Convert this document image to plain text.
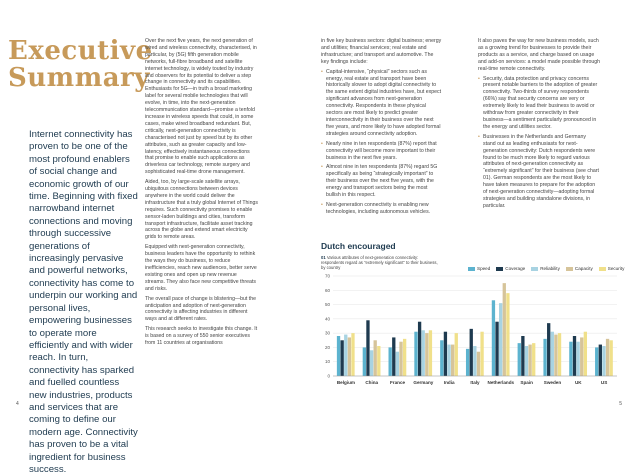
Executive
Summary
Internet connectivity has proven to be one of the most profound enablers of social change and economic growth of our time. Beginning with fixed narrowband internet connections and moving through successive generations of increasingly pervasive and powerful networks, connectivity has come to underpin our working and personal lives, empowering businesses to operate more efficiently and with wider reach. In turn, connectivity has sparked and fuelled countless new industries, products and services that are coming to define our modern age. Connectivity has proven to be a vital ingredient for business success.

Over the next five years, the next generation of wired and wireless connectivity, characterised, in particular, by (5G) fifth generation mobile networks, full-fibre broadband and satellite internet technology, is widely touted by industry and observers for its potential to deliver a step change in connectivity and its capabilities. Enthusiasts for 5G—in truth a broad marketing label for several mobile technologies that will evolve, in time, into the next-generation telecommunication standard—promise a tenfold increase in wireless speeds that could, in some cases, make wired broadband redundant. But, critically, next-generation connectivity is characterised not just by speed but by its other attributes, such as greater capacity and low-latency, effectively instantaneous connections that promise to enable such applications as driverless car technology, remote surgery and sophisticated real-time drone management.

Aided, too, by large-scale satellite arrays, ubiquitous connections between devices anywhere in the world could deliver the infrastructure that a truly global Internet of Things requires. Such connectivity promises to enable sensor-laden buildings and cities, transform transport infrastructure, facilitate asset tracking across the globe and extend smart electricity grids to remote areas.

Equipped with next-generation connectivity, business leaders have the opportunity to rethink the ways they do business, to reduce inefficiencies, reach new audiences, better serve existing ones and open up new revenue streams. They also face new competitive threats and risks.

The overall pace of change is blistering—but the anticipation and adoption of next-generation connectivity is affecting industries in different ways and at different rates.

This research seeks to investigate this change. It is based on a survey of 550 senior executives from 11 countries at organisations

in five key business sectors: digital business; energy and utilities; financial services; real estate and infrastructure; and transport and automotive. The key findings include:

• Capital-intensive, “physical” sectors such as energy, real estate and transport have been historically slower to adopt digital connectivity to the same extent digital industries have, but expect significant advances from next-generation connectivity. Respondents in these physical sectors are most likely to predict greater interconnectivity in their business over the next five years, and more likely to have adopted formal strategies around connectivity adoption.
• Nearly nine in ten respondents (87%) report that connectivity will become more important to their business in the next five years.
• Almost nine in ten respondents (87%) regard 5G specifically as being “strategically important” to their business over the next five years, with the energy and transport sectors being the most bullish in this respect.
• Next-generation connectivity is enabling new technologies, including autonomous vehicles.

It also paves the way for new business models, such as a growing trend for businesses to provide their products as a service, and charge based on usage and add-on services: a model made possible through real-time remote connectivity.

• Security, data protection and privacy concerns present notable barriers to the adoption of greater connectivity. Two-thirds of survey respondents (66%) say that security concerns are very or extremely likely to lead their business to avoid or withdraw from greater connectivity in their business—a sentiment particularly pronounced in the energy and utilities sector.
• Businesses in the Netherlands and Germany stand out as leading enthusiasts for next-generation connectivity: Dutch respondents were found to be much more likely to regard various attributes of next-generation connectivity as “extremely significant” for their business (see chart 01). German respondents are the most likely to have taken measures to prepare for the adoption of next-generation connectivity—adopting formal strategies and building standalone divisions, in particular.
Dutch encouraged
01 Various attributes of next-generation connectivity: respondents regard as “extremely significant” to their business, by country	Speed	Coverage	Reliability	Capacity	Security
0
10
20
30
40
50
60
70
Belgium China	France Germany India	Italy Netherlands Spain Sweden	UK	US
4	5
